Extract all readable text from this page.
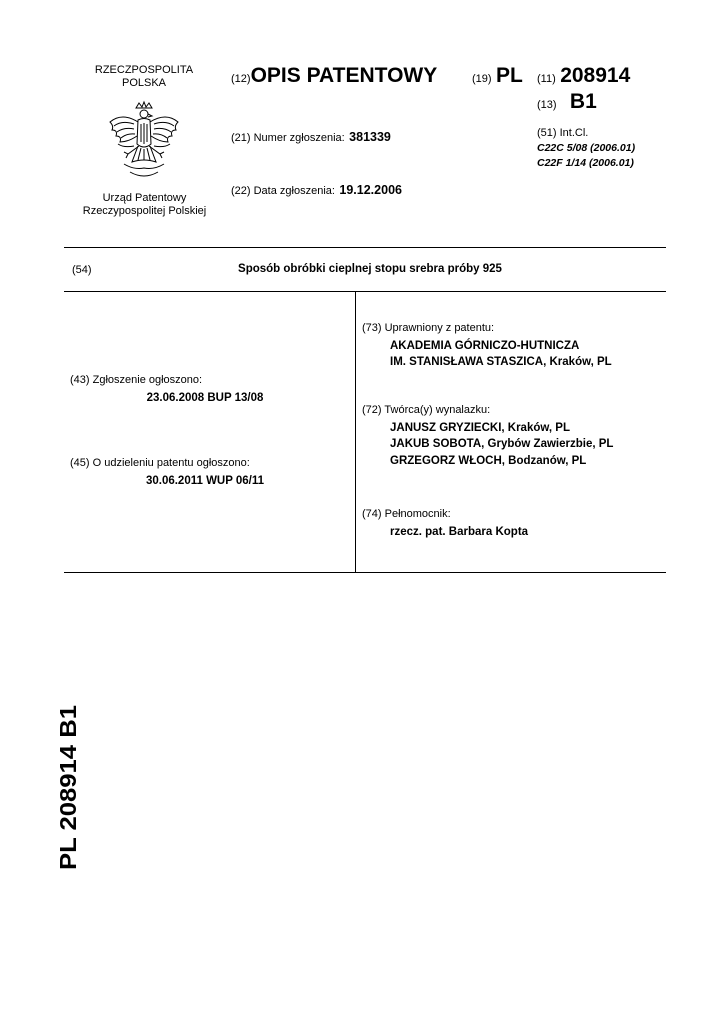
RZECZPOSPOLITA
POLSKA
Urząd Patentowy
Rzeczypospolitej Polskiej
(12)OPIS PATENTOWY	(19) PL (11) 208914
(13) B1
(21) Numer zgłoszenia: 381339	(51) Int.Cl.
C22C 5/08 (2006.01)
C22F 1/14 (2006.01)
(22) Data zgłoszenia: 19.12.2006
(54)	Sposób obróbki cieplnej stopu srebra próby 925
(43) Zgłoszenie ogłoszono:
23.06.2008 BUP 13/08
(45) O udzieleniu patentu ogłoszono:
30.06.2011 WUP 06/11
(73) Uprawniony z patentu:
AKADEMIA GÓRNICZO-HUTNICZA
IM. STANISŁAWA STASZICA, Kraków, PL
(72) Twórca(y) wynalazku:
JANUSZ GRYZIECKI, Kraków, PL
JAKUB SOBOTA, Grybów Zawierzbie, PL
GRZEGORZ WŁOCH, Bodzanów, PL
(74) Pełnomocnik:
rzecz. pat. Barbara Kopta
PL 208914 B1
